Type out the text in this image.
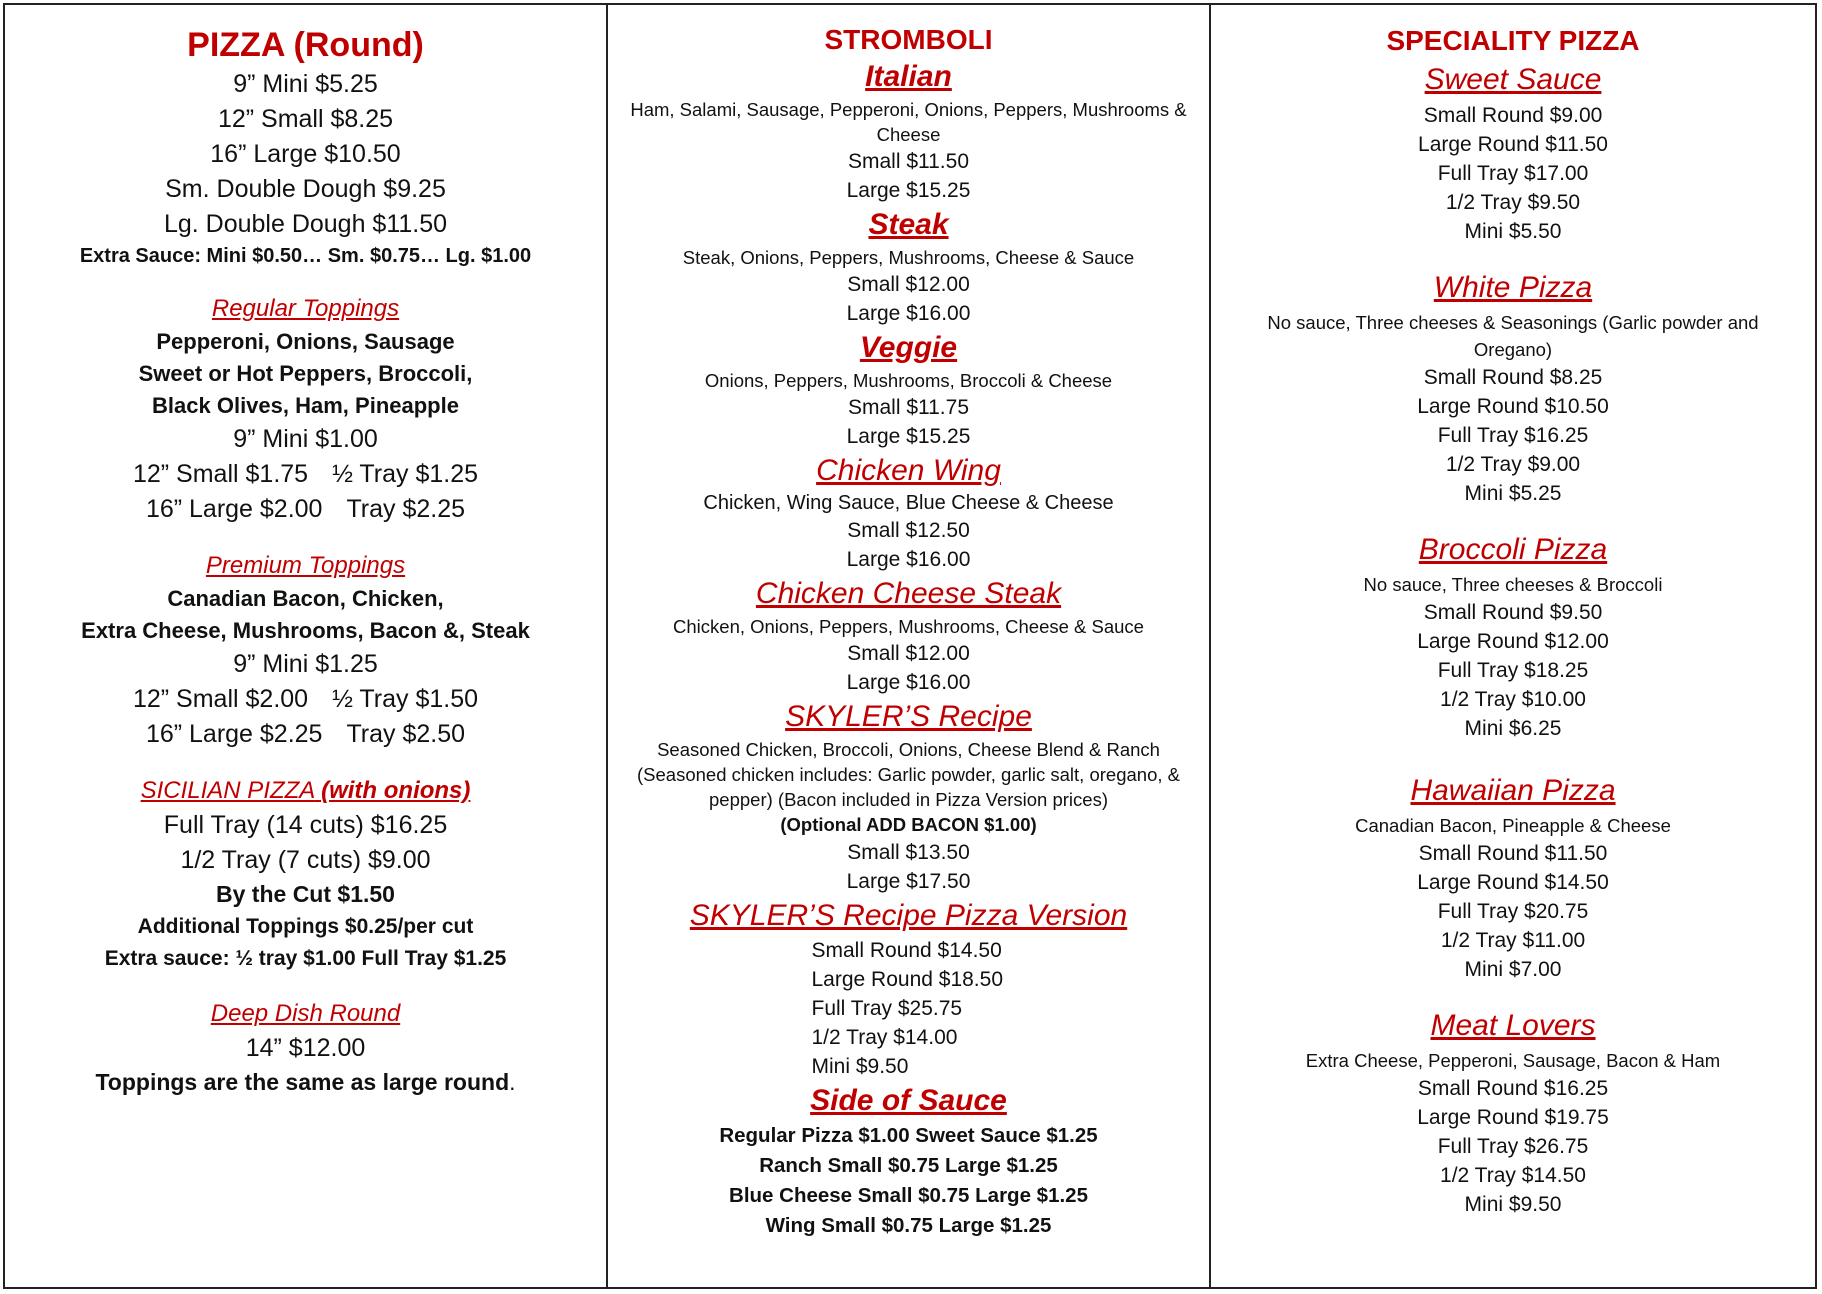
PIZZA (Round)
9” Mini $5.25
12” Small $8.25
16” Large $10.50
Sm. Double Dough $9.25
Lg. Double Dough $11.50
Extra Sauce: Mini $0.50… Sm. $0.75… Lg. $1.00
Regular Toppings
Pepperoni, Onions, Sausage
Sweet or Hot Peppers, Broccoli,
Black Olives, Ham, Pineapple
9” Mini $1.00
12” Small $1.75 ½ Tray $1.25
16” Large $2.00 Tray $2.25
Premium Toppings
Canadian Bacon, Chicken,
Extra Cheese, Mushrooms, Bacon &, Steak
9” Mini $1.25
12” Small $2.00 ½ Tray $1.50
16” Large $2.25 Tray $2.50
SICILIAN PIZZA (with onions)
Full Tray (14 cuts) $16.25
1/2 Tray (7 cuts) $9.00
By the Cut $1.50
Additional Toppings $0.25/per cut
Extra sauce: ½ tray $1.00 Full Tray $1.25
Deep Dish Round
14” $12.00
Toppings are the same as large round.
STROMBOLI
Italian
Ham, Salami, Sausage, Pepperoni, Onions, Peppers, Mushrooms & Cheese
Small $11.50
Large $15.25
Steak
Steak, Onions, Peppers, Mushrooms, Cheese & Sauce
Small $12.00
Large $16.00
Veggie
Onions, Peppers, Mushrooms, Broccoli & Cheese
Small $11.75
Large $15.25
Chicken Wing
Chicken, Wing Sauce, Blue Cheese & Cheese
Small $12.50
Large $16.00
Chicken Cheese Steak
Chicken, Onions, Peppers, Mushrooms, Cheese & Sauce
Small $12.00
Large $16.00
SKYLER’S Recipe
Seasoned Chicken, Broccoli, Onions, Cheese Blend & Ranch (Seasoned chicken includes: Garlic powder, garlic salt, oregano, & pepper) (Bacon included in Pizza Version prices)
(Optional ADD BACON $1.00)
Small $13.50
Large $17.50
SKYLER’S Recipe Pizza Version
Small Round $14.50
Large Round $18.50
Full Tray $25.75
1/2 Tray $14.00
Mini $9.50
Side of Sauce
Regular Pizza $1.00 Sweet Sauce $1.25
Ranch Small $0.75 Large $1.25
Blue Cheese Small $0.75 Large $1.25
Wing Small $0.75 Large $1.25
SPECIALITY PIZZA
Sweet Sauce
Small Round $9.00
Large Round $11.50
Full Tray $17.00
1/2 Tray $9.50
Mini $5.50
White Pizza
No sauce, Three cheeses & Seasonings (Garlic powder and Oregano)
Small Round $8.25
Large Round $10.50
Full Tray $16.25
1/2 Tray $9.00
Mini $5.25
Broccoli Pizza
No sauce, Three cheeses & Broccoli
Small Round $9.50
Large Round $12.00
Full Tray $18.25
1/2 Tray $10.00
Mini $6.25
Hawaiian Pizza
Canadian Bacon, Pineapple & Cheese
Small Round $11.50
Large Round $14.50
Full Tray $20.75
1/2 Tray $11.00
Mini $7.00
Meat Lovers
Extra Cheese, Pepperoni, Sausage, Bacon & Ham
Small Round $16.25
Large Round $19.75
Full Tray $26.75
1/2 Tray $14.50
Mini $9.50
